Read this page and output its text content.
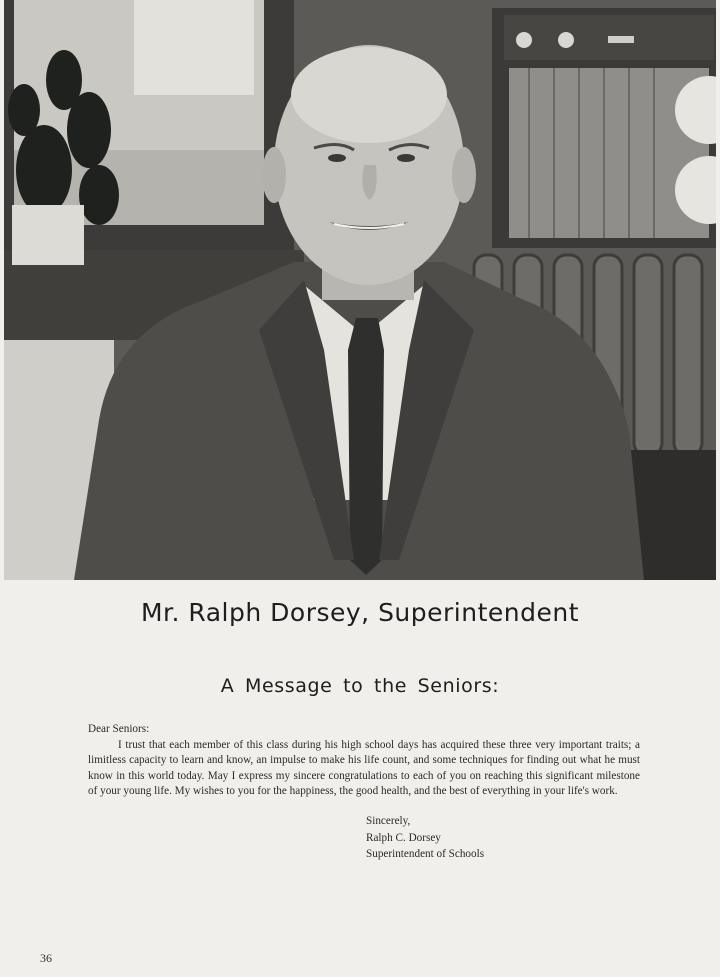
Mr. Ralph Dorsey, Superintendent
A Message to the Seniors:

Dear Seniors:

I trust that each member of this class during his high school days has acquired these three very important traits; a limitless capacity to learn and know, an impulse to make his life count, and some techniques for finding out what he must know in this world today. May I express my sincere congratulations to each of you on reaching this significant milestone of your young life. My wishes to you for the happiness, the good health, and the best of everything in your life's work.

Sincerely,
Ralph C. Dorsey
Superintendent of Schools
36
